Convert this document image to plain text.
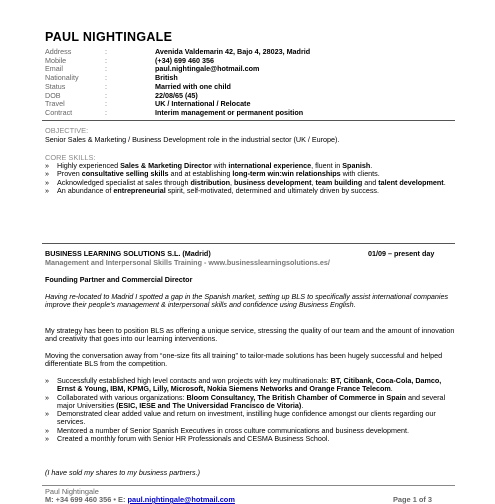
PAUL NIGHTINGALE
Address	:	Avenida Valdemarin 42, Bajo 4, 28023, Madrid
Mobile	:	(+34) 699 460 356
Email	:	paul.nightingale@hotmail.com
Nationality	:	British
Status	:	Married with one child
DOB	:	22/08/65 (45)
Travel	:	UK / International / Relocate
Contract	:	Interim management or permanent position
OBJECTIVE:
Senior Sales & Marketing / Business Development role in the industrial sector (UK / Europe).
CORE SKILLS:
» Highly experienced Sales & Marketing Director with international experience, fluent in Spanish.
» Proven consultative selling skills and at establishing long-term win:win relationships with clients.
» Acknowledged specialist at sales through distribution, business development, team building and talent development.
» An abundance of entrepreneurial spirit, self-motivated, determined and ultimately driven by success.
BUSINESS LEARNING SOLUTIONS S.L. (Madrid)	01/09 – present day
Management and Interpersonal Skills Training - www.businesslearningsolutions.es/
Founding Partner and Commercial Director
Having re-located to Madrid I spotted a gap in the Spanish market, setting up BLS to specifically assist international companies improve their people's management & interpersonal skills and confidence using Business English.
My strategy has been to position BLS as offering a unique service, stressing the quality of our team and the amount of innovation and creativity that goes into our learning interventions.
Moving the conversation away from “one-size fits all training” to tailor-made solutions has been hugely successful and helped differentiate BLS from the competition.
» Successfully established high level contacts and won projects with key multinationals: BT, Citibank, Coca-Cola, Damco, Ernst & Young, IBM, KPMG, Lilly, Microsoft, Nokia Siemens Networks and Orange France Telecom.
» Collaborated with various organizations: Bloom Consultancy, The British Chamber of Commerce in Spain and several major Universities (ESIC, IESE and The Universidad Francisco de Vitoria).
» Demonstrated clear added value and return on investment, instilling huge confidence amongst our clients regarding our services.
» Mentored a number of Senior Spanish Executives in cross culture communications and business development.
» Created a monthly forum with Senior HR Professionals and CESMA Business School.
(I have sold my shares to my business partners.)
Paul Nightingale
M: +34 699 460 356 • E: paul.nightingale@hotmail.com	Page 1 of 3
